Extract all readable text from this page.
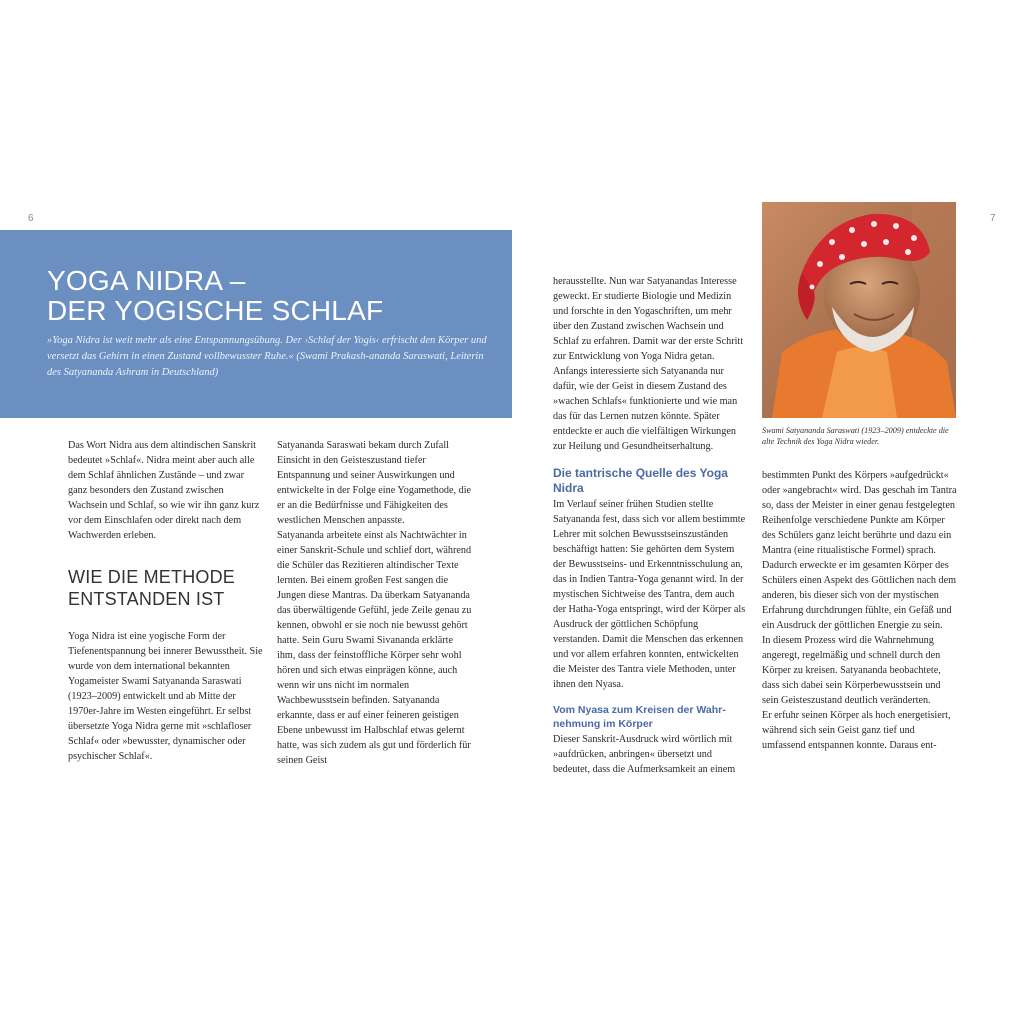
6	7
YOGA NIDRA –
DER YOGISCHE SCHLAF

»Yoga Nidra ist weit mehr als eine Entspannungsübung. Der ›Schlaf der Yogis‹ erfrischt den Körper und versetzt das Gehirn in einen Zustand vollbewusster Ruhe.« (Swami Prakash-ananda Saraswati, Leiterin des Satyananda Ashram in Deutschland)

Das Wort Nidra aus dem altindischen Sanskrit bedeutet »Schlaf«. Nidra meint aber auch alle dem Schlaf ähnlichen Zustände – und zwar ganz besonders den Zustand zwischen Wachsein und Schlaf, so wie wir ihn ganz kurz vor dem Einschlafen oder direkt nach dem Wachwerden erleben.

WIE DIE METHODE
ENTSTANDEN IST

Yoga Nidra ist eine yogische Form der Tiefenentspannung bei innerer Bewusstheit. Sie wurde von dem international bekannten Yogameister Swami Satyananda Saraswati (1923–2009) entwickelt und ab Mitte der 1970er-Jahre im Westen eingeführt. Er selbst übersetzte Yoga Nidra gerne mit »schlafloser Schlaf« oder »bewusster, dynamischer oder psychischer Schlaf«.

Satyananda Saraswati bekam durch Zufall Einsicht in den Geisteszustand tiefer Entspannung und seiner Auswirkungen und entwickelte in der Folge eine Yogamethode, die er an die Bedürfnisse und Fähigkeiten des westlichen Menschen anpasste.

Satyananda arbeitete einst als Nachtwächter in einer Sanskrit-Schule und schlief dort, während die Schüler das Rezitieren altindischer Texte lernten. Bei einem großen Fest sangen die Jungen diese Mantras. Da überkam Satyananda das überwältigende Gefühl, jede Zeile genau zu kennen, obwohl er sie noch nie bewusst gehört hatte. Sein Guru Swami Sivananda erklärte ihm, dass der feinstoffliche Körper sehr wohl hören und sich etwas einprägen könne, auch wenn wir uns nicht im normalen Wachbewusstsein befinden. Satyananda erkannte, dass er auf einer feineren geistigen Ebene unbewusst im Halbschlaf etwas gelernt hatte, was sich zudem als gut und förderlich für seinen Geist

herausstellte. Nun war Satyanandas Interesse geweckt. Er studierte Biologie und Medizin und forschte in den Yogaschriften, um mehr über den Zustand zwischen Wachsein und Schlaf zu erfahren. Damit war der erste Schritt zur Entwicklung von Yoga Nidra getan. Anfangs interessierte sich Satyananda nur dafür, wie der Geist in diesem Zustand des »wachen Schlafs« funktionierte und wie man das für das Lernen nutzen könnte. Später entdeckte er auch die vielfältigen Wirkungen zur Heilung und Gesundheitserhaltung.

Die tantrische Quelle des Yoga Nidra

Im Verlauf seiner frühen Studien stellte Satyananda fest, dass sich vor allem bestimmte Lehrer mit solchen Bewusstseinszuständen beschäftigt hatten: Sie gehörten dem System der Bewusstseins- und Erkenntnisschulung an, das in Indien Tantra-Yoga genannt wird. In der mystischen Sichtweise des Tantra, dem auch der Hatha-Yoga entspringt, wird der Körper als Ausdruck der göttlichen Schöpfung verstanden. Damit die Menschen das erkennen und vor allem erfahren konnten, entwickelten die Meister des Tantra viele Methoden, unter ihnen den Nyasa.

Vom Nyasa zum Kreisen der Wahr-
nehmung im Körper

Dieser Sanskrit-Ausdruck wird wörtlich mit »aufdrücken, anbringen« übersetzt und bedeutet, dass die Aufmerksamkeit an einem

bestimmten Punkt des Körpers »aufgedrückt« oder »angebracht« wird. Das geschah im Tantra so, dass der Meister in einer genau festgelegten Reihenfolge verschiedene Punkte am Körper des Schülers ganz leicht berührte und dazu ein Mantra (eine ritualistische Formel) sprach. Dadurch erweckte er im gesamten Körper des Schülers einen Aspekt des Göttlichen nach dem anderen, bis dieser sich von der mystischen Erfahrung durchdrungen fühlte, ein Gefäß und ein Ausdruck der göttlichen Energie zu sein.

In diesem Prozess wird die Wahrnehmung angeregt, regelmäßig und schnell durch den Körper zu kreisen. Satyananda beobachtete, dass sich dabei sein Körperbewusstsein und sein Geisteszustand deutlich veränderten.

Er erfuhr seinen Körper als hoch energetisiert, während sich sein Geist ganz tief und umfassend entspannen konnte. Daraus ent-

Swami Satyananda Saraswati (1923–2009) entdeckte die alte Technik des Yoga Nidra wieder.
